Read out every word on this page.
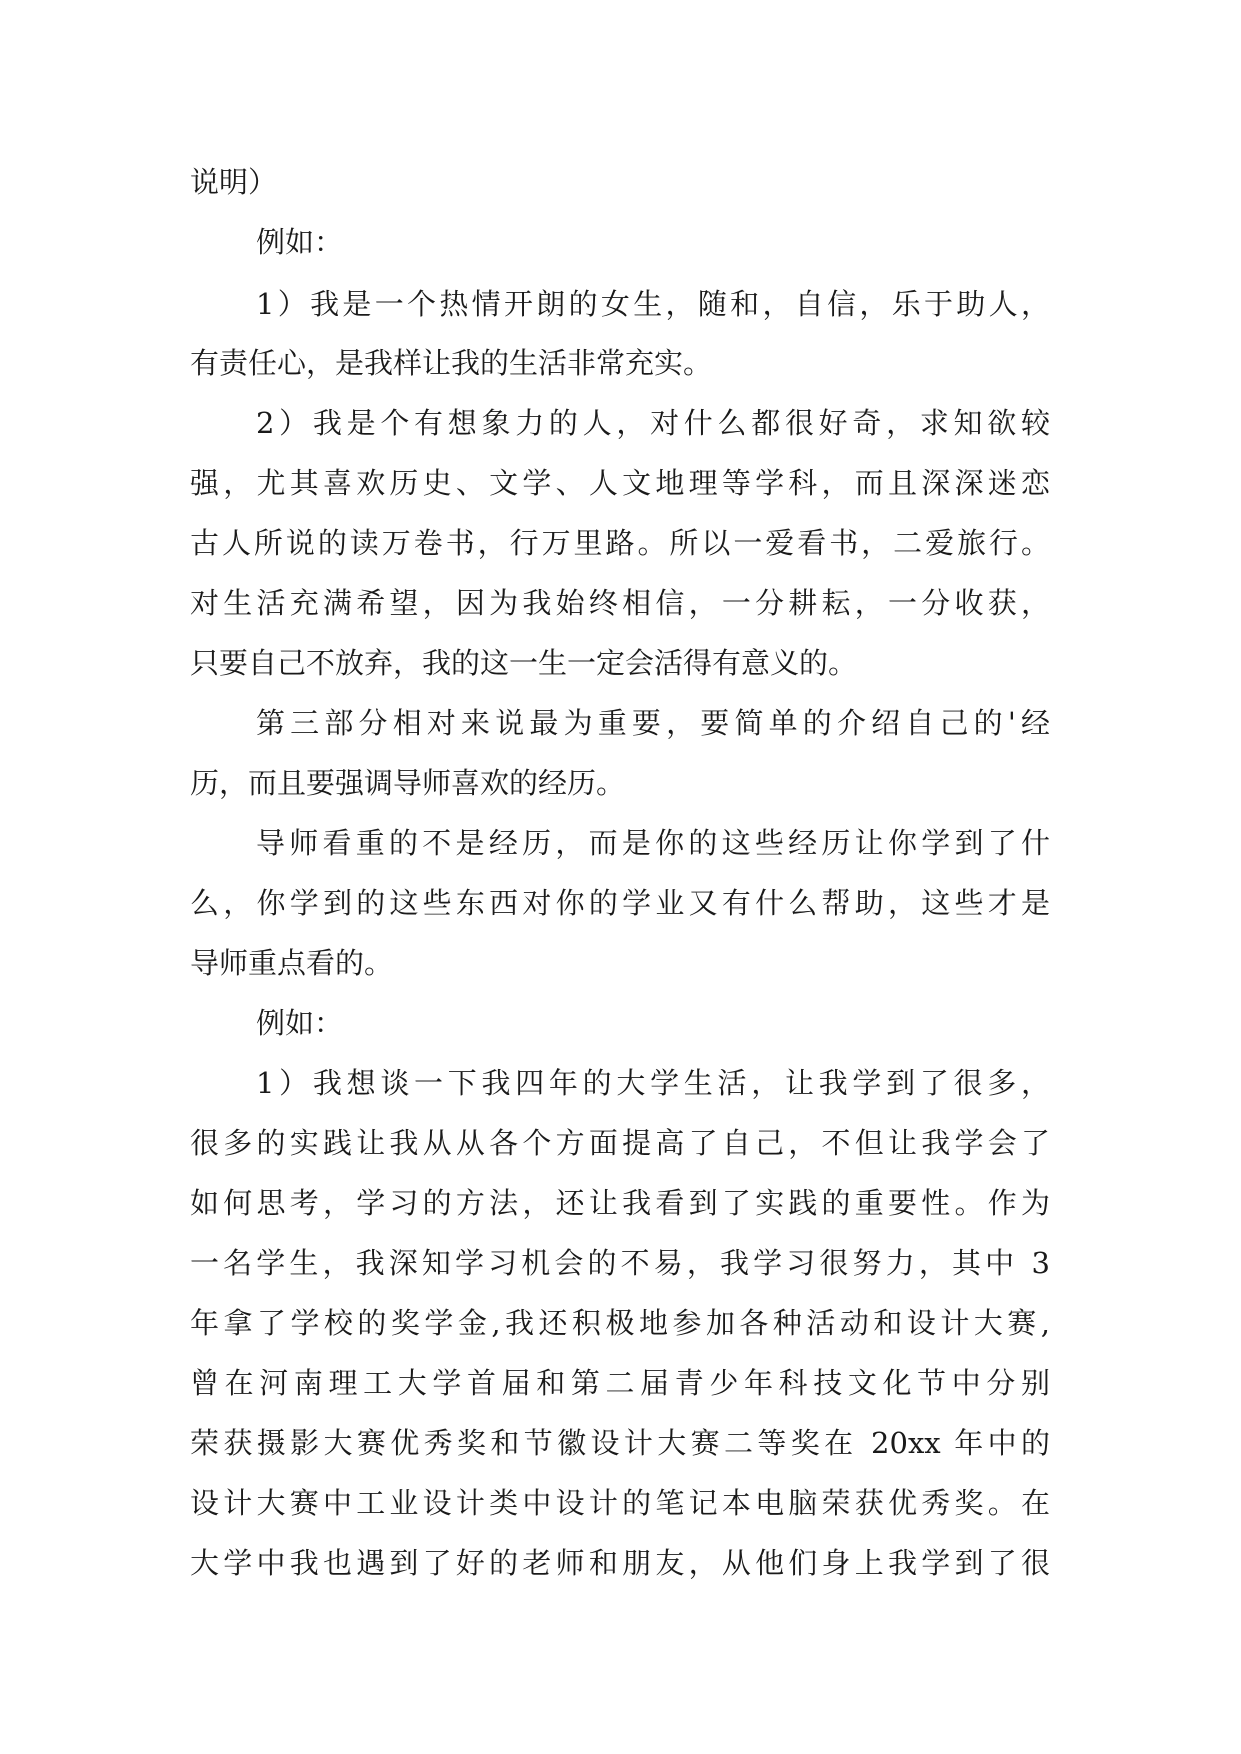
说明）
例如：
1）我是一个热情开朗的女生，随和，自信，乐于助人，
有责任心，是我样让我的生活非常充实。
2）我是个有想象力的人，对什么都很好奇，求知欲较
强，尤其喜欢历史、文学、人文地理等学科，而且深深迷恋
古人所说的读万卷书，行万里路。所以一爱看书，二爱旅行。
对生活充满希望，因为我始终相信，一分耕耘，一分收获，
只要自己不放弃，我的这一生一定会活得有意义的。
第三部分相对来说最为重要，要简单的介绍自己的'经
历，而且要强调导师喜欢的经历。
导师看重的不是经历，而是你的这些经历让你学到了什
么，你学到的这些东西对你的学业又有什么帮助，这些才是
导师重点看的。
例如：
1）我想谈一下我四年的大学生活，让我学到了很多，
很多的实践让我从从各个方面提高了自己，不但让我学会了
如何思考，学习的方法，还让我看到了实践的重要性。作为
一名学生，我深知学习机会的不易，我学习很努力，其中 3
年拿了学校的奖学金,我还积极地参加各种活动和设计大赛,
曾在河南理工大学首届和第二届青少年科技文化节中分别
荣获摄影大赛优秀奖和节徽设计大赛二等奖在 20xx 年中的
设计大赛中工业设计类中设计的笔记本电脑荣获优秀奖。在
大学中我也遇到了好的老师和朋友，从他们身上我学到了很
